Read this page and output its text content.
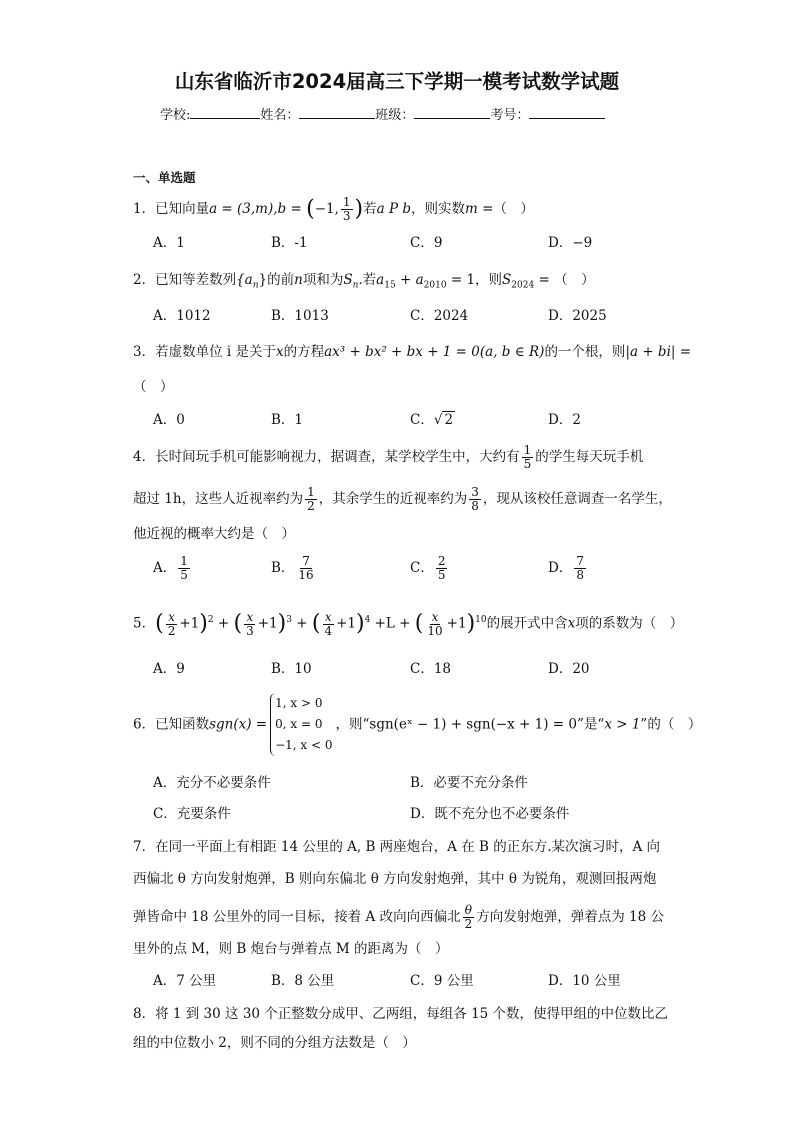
山东省临沂市2024届高三下学期一模考试数学试题
学校:	姓名：	班级：	考号：
一、单选题
1．已知向量a = (3,m),b = (−1, $\frac{1}{3}$ )若a P b，则实数m =（　）
A．1	B．-1	C．9	D．−9
2．已知等差数列$\{a_n\}$的前n项和为$S_n$.若$a_{15} + a_{2010} = 1$，则$S_{2024}$ = （　）
A．1012	B．1013	C．2024	D．2025
3．若虚数单位 i 是关于x的方程ax³ + bx² + bx + 1 = 0(a, b ∈ R)的一个根，则|a + bi| =
（　）
A．0	B．1	C．√ 2	D．2
4．长时间玩手机可能影响视力，据调查，某学校学生中，大约有 $\frac{1}{5}$ 的学生每天玩手机
超过 1h，这些人近视率约为 $\frac{1}{2}$ ，其余学生的近视率约为 $\frac{3}{8}$ ，现从该校任意调查一名学生，
他近视的概率大约是（　）
A． $\frac{1}{5}$	B． $\frac{7}{16}$	C． $\frac{2}{5}$	D． $\frac{7}{8}$
5．( $\frac{x}{2} +1)^2$ + ( $\frac{x}{3} +1)^3$ + ( $\frac{x}{4} +1)^4 +L$ + ( $\frac{x}{10} +1)^{10}$的展开式中含x项的系数为（　）
A．9	B．10	C．18	D．20
6．已知函数sgn(x) =
1, x > 0
0, x = 0
−1, x < 0
，则“sgn(eˣ − 1) + sgn(−x + 1) = 0”是“x > 1”的（　）
A．充分不必要条件	B．必要不充分条件
C．充要条件	D．既不充分也不必要条件
7．在同一平面上有相距 14 公里的 A, B 两座炮台，A 在 B 的正东方.某次演习时，A 向
西偏北 θ 方向发射炮弹，B 则向东偏北 θ 方向发射炮弹，其中 θ 为锐角，观测回报两炮
弹皆命中 18 公里外的同一目标，接着 A 改向向西偏北 $\frac{\theta}{2}$ 方向发射炮弹，弹着点为 18 公
里外的点 M，则 B 炮台与弹着点 M 的距离为（　）
A．7 公里	B．8 公里	C．9 公里	D．10 公里
8．将 1 到 30 这 30 个正整数分成甲、乙两组，每组各 15 个数，使得甲组的中位数比乙
组的中位数小 2，则不同的分组方法数是（　）
